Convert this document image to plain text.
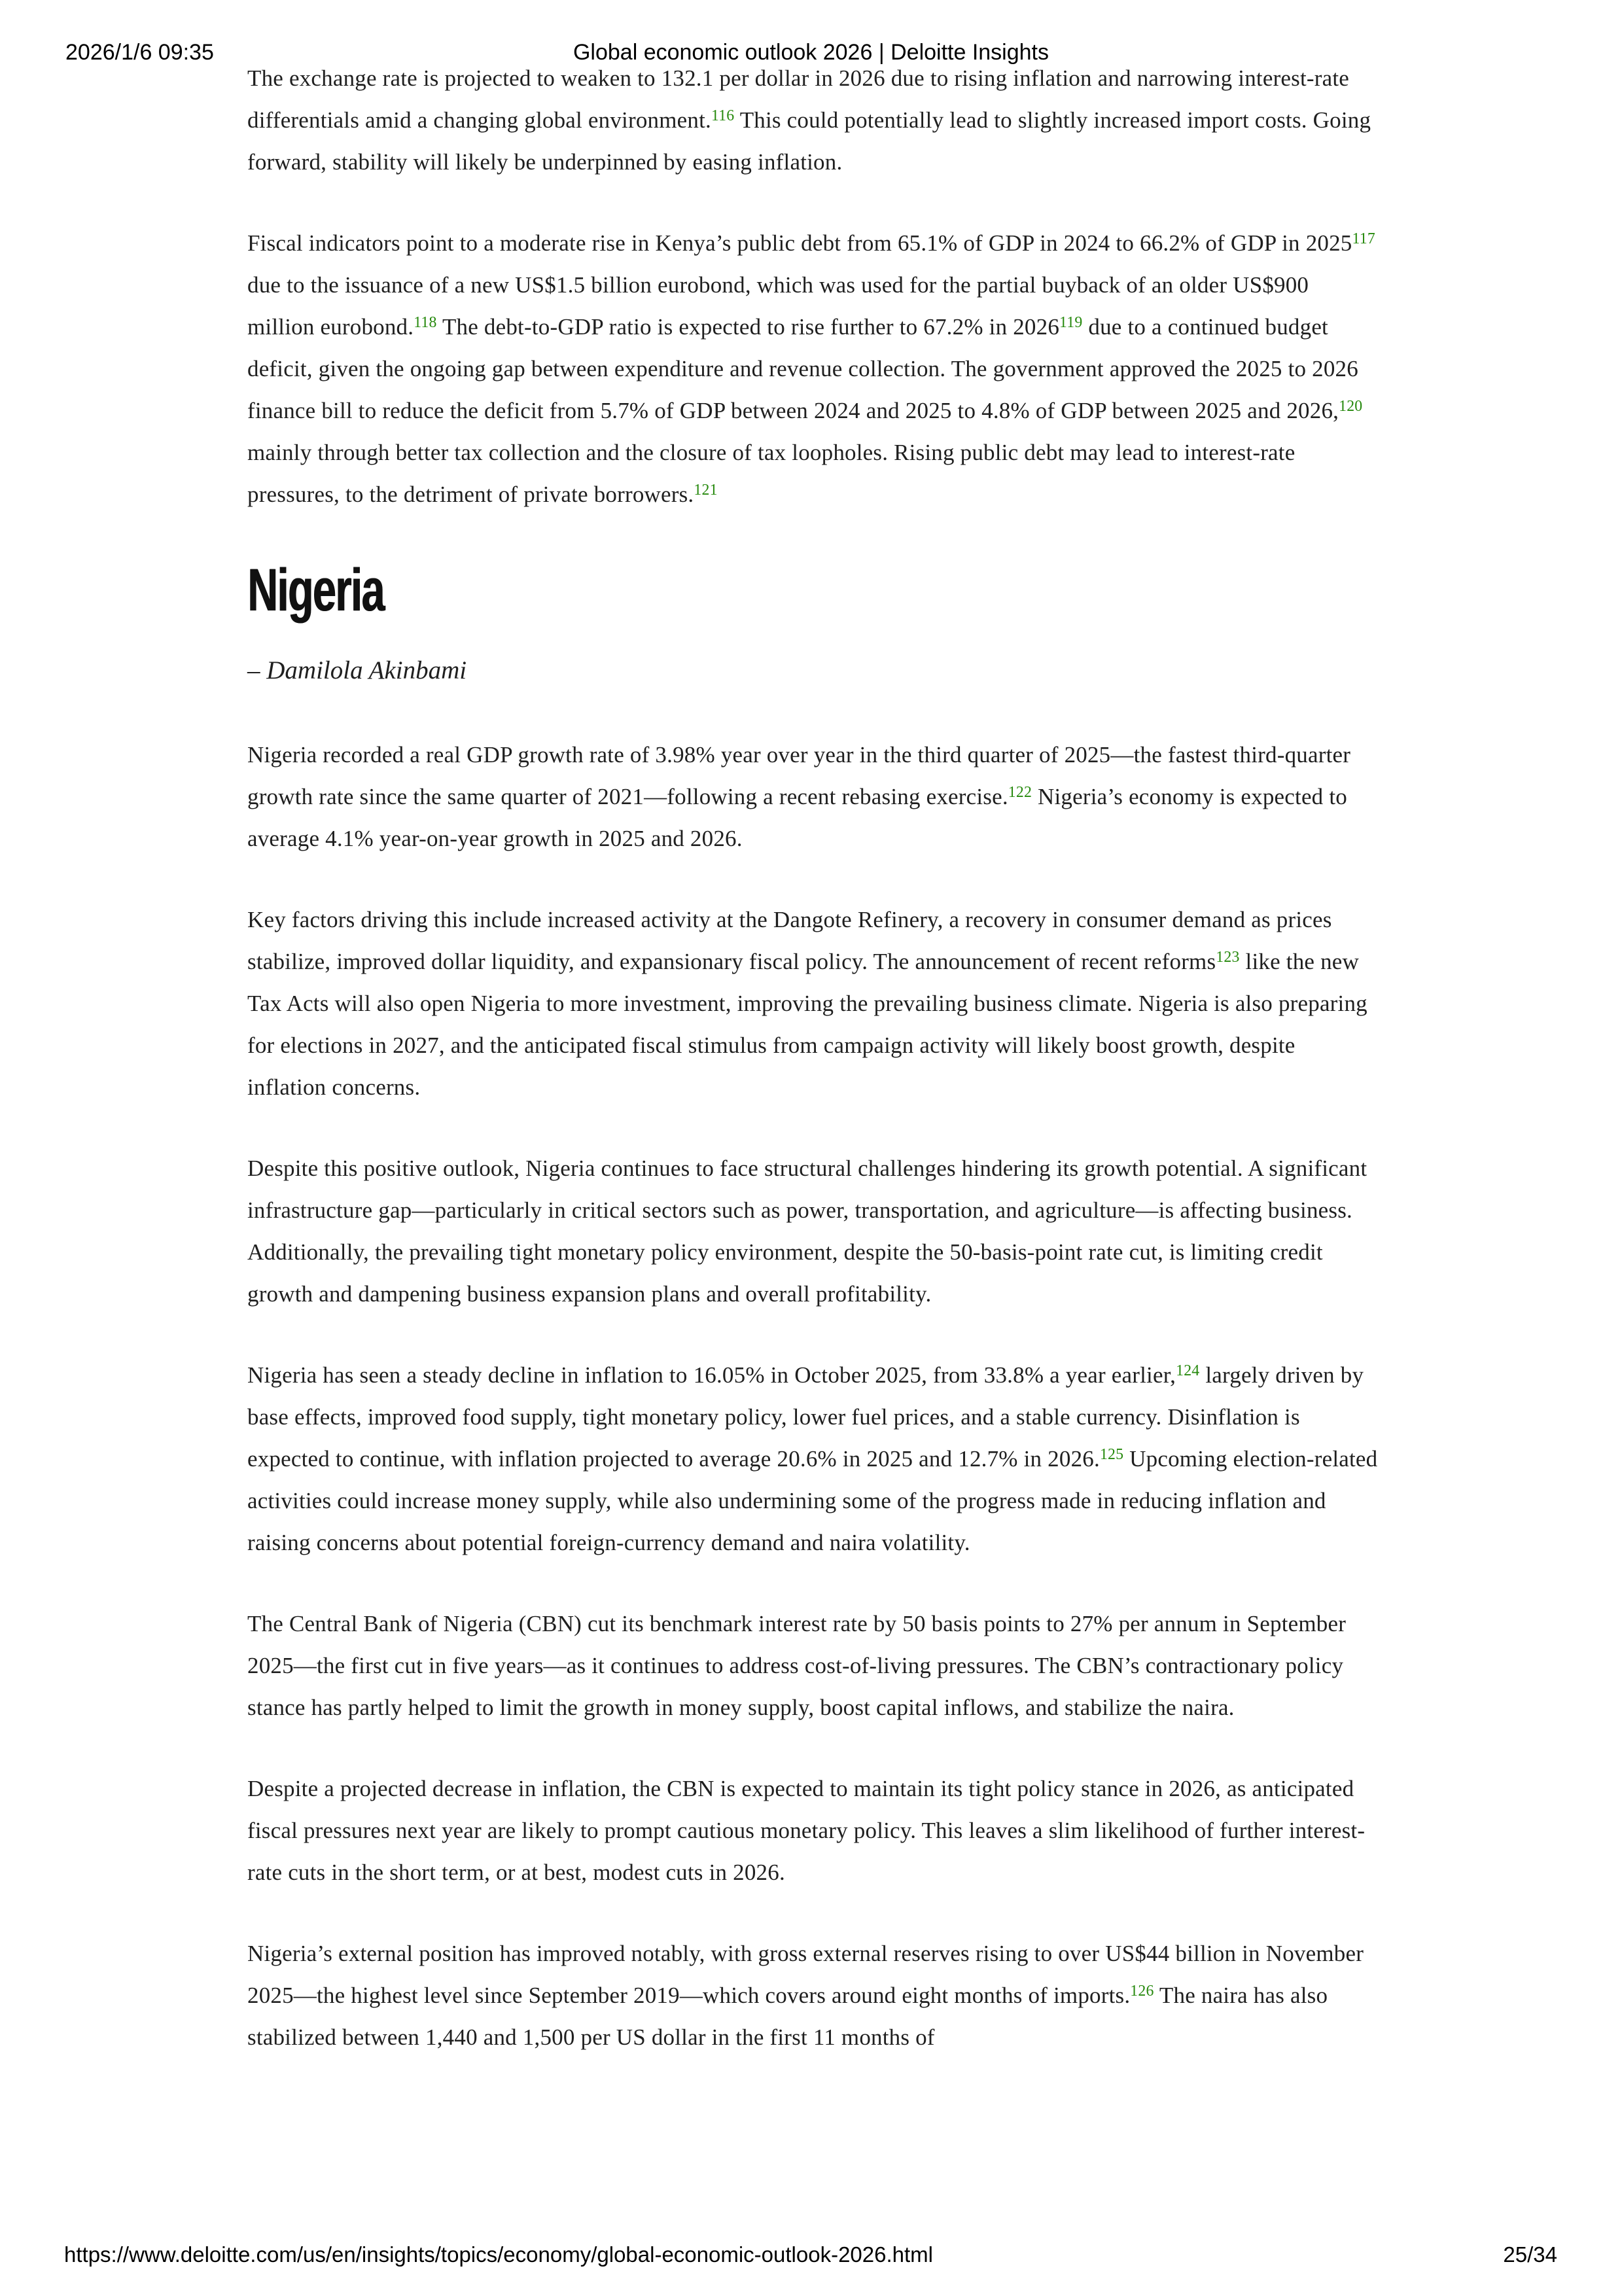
2026/1/6 09:35	Global economic outlook 2026 | Deloitte Insights

The exchange rate is projected to weaken to 132.1 per dollar in 2026 due to rising inflation and narrowing interest-rate differentials amid a changing global environment.$^{116}$ This could potentially lead to slightly increased import costs. Going forward, stability will likely be underpinned by easing inflation.

Fiscal indicators point to a moderate rise in Kenya’s public debt from 65.1% of GDP in 2024 to 66.2% of GDP in 2025$^{117}$ due to the issuance of a new US$1.5 billion eurobond, which was used for the partial buyback of an older US$900 million eurobond.$^{118}$ The debt-to-GDP ratio is expected to rise further to 67.2% in 2026$^{119}$ due to a continued budget deficit, given the ongoing gap between expenditure and revenue collection. The government approved the 2025 to 2026 finance bill to reduce the deficit from 5.7% of GDP between 2024 and 2025 to 4.8% of GDP between 2025 and 2026,$^{120}$ mainly through better tax collection and the closure of tax loopholes. Rising public debt may lead to interest-rate pressures, to the detriment of private borrowers.$^{121}$

Nigeria

– Damilola Akinbami

Nigeria recorded a real GDP growth rate of 3.98% year over year in the third quarter of 2025—the fastest third-quarter growth rate since the same quarter of 2021—following a recent rebasing exercise.$^{122}$ Nigeria’s economy is expected to average 4.1% year-on-year growth in 2025 and 2026.

Key factors driving this include increased activity at the Dangote Refinery, a recovery in consumer demand as prices stabilize, improved dollar liquidity, and expansionary fiscal policy. The announcement of recent reforms$^{123}$ like the new Tax Acts will also open Nigeria to more investment, improving the prevailing business climate. Nigeria is also preparing for elections in 2027, and the anticipated fiscal stimulus from campaign activity will likely boost growth, despite inflation concerns.

Despite this positive outlook, Nigeria continues to face structural challenges hindering its growth potential. A significant infrastructure gap—particularly in critical sectors such as power, transportation, and agriculture—is affecting business. Additionally, the prevailing tight monetary policy environment, despite the 50-basis-point rate cut, is limiting credit growth and dampening business expansion plans and overall profitability.

Nigeria has seen a steady decline in inflation to 16.05% in October 2025, from 33.8% a year earlier,$^{124}$ largely driven by base effects, improved food supply, tight monetary policy, lower fuel prices, and a stable currency. Disinflation is expected to continue, with inflation projected to average 20.6% in 2025 and 12.7% in 2026.$^{125}$ Upcoming election-related activities could increase money supply, while also undermining some of the progress made in reducing inflation and raising concerns about potential foreign-currency demand and naira volatility.

The Central Bank of Nigeria (CBN) cut its benchmark interest rate by 50 basis points to 27% per annum in September 2025—the first cut in five years—as it continues to address cost-of-living pressures. The CBN’s contractionary policy stance has partly helped to limit the growth in money supply, boost capital inflows, and stabilize the naira.

Despite a projected decrease in inflation, the CBN is expected to maintain its tight policy stance in 2026, as anticipated fiscal pressures next year are likely to prompt cautious monetary policy. This leaves a slim likelihood of further interest-rate cuts in the short term, or at best, modest cuts in 2026.

Nigeria’s external position has improved notably, with gross external reserves rising to over US$44 billion in November 2025—the highest level since September 2019—which covers around eight months of imports.$^{126}$ The naira has also stabilized between 1,440 and 1,500 per US dollar in the first 11 months of

https://www.deloitte.com/us/en/insights/topics/economy/global-economic-outlook-2026.html	25/34
